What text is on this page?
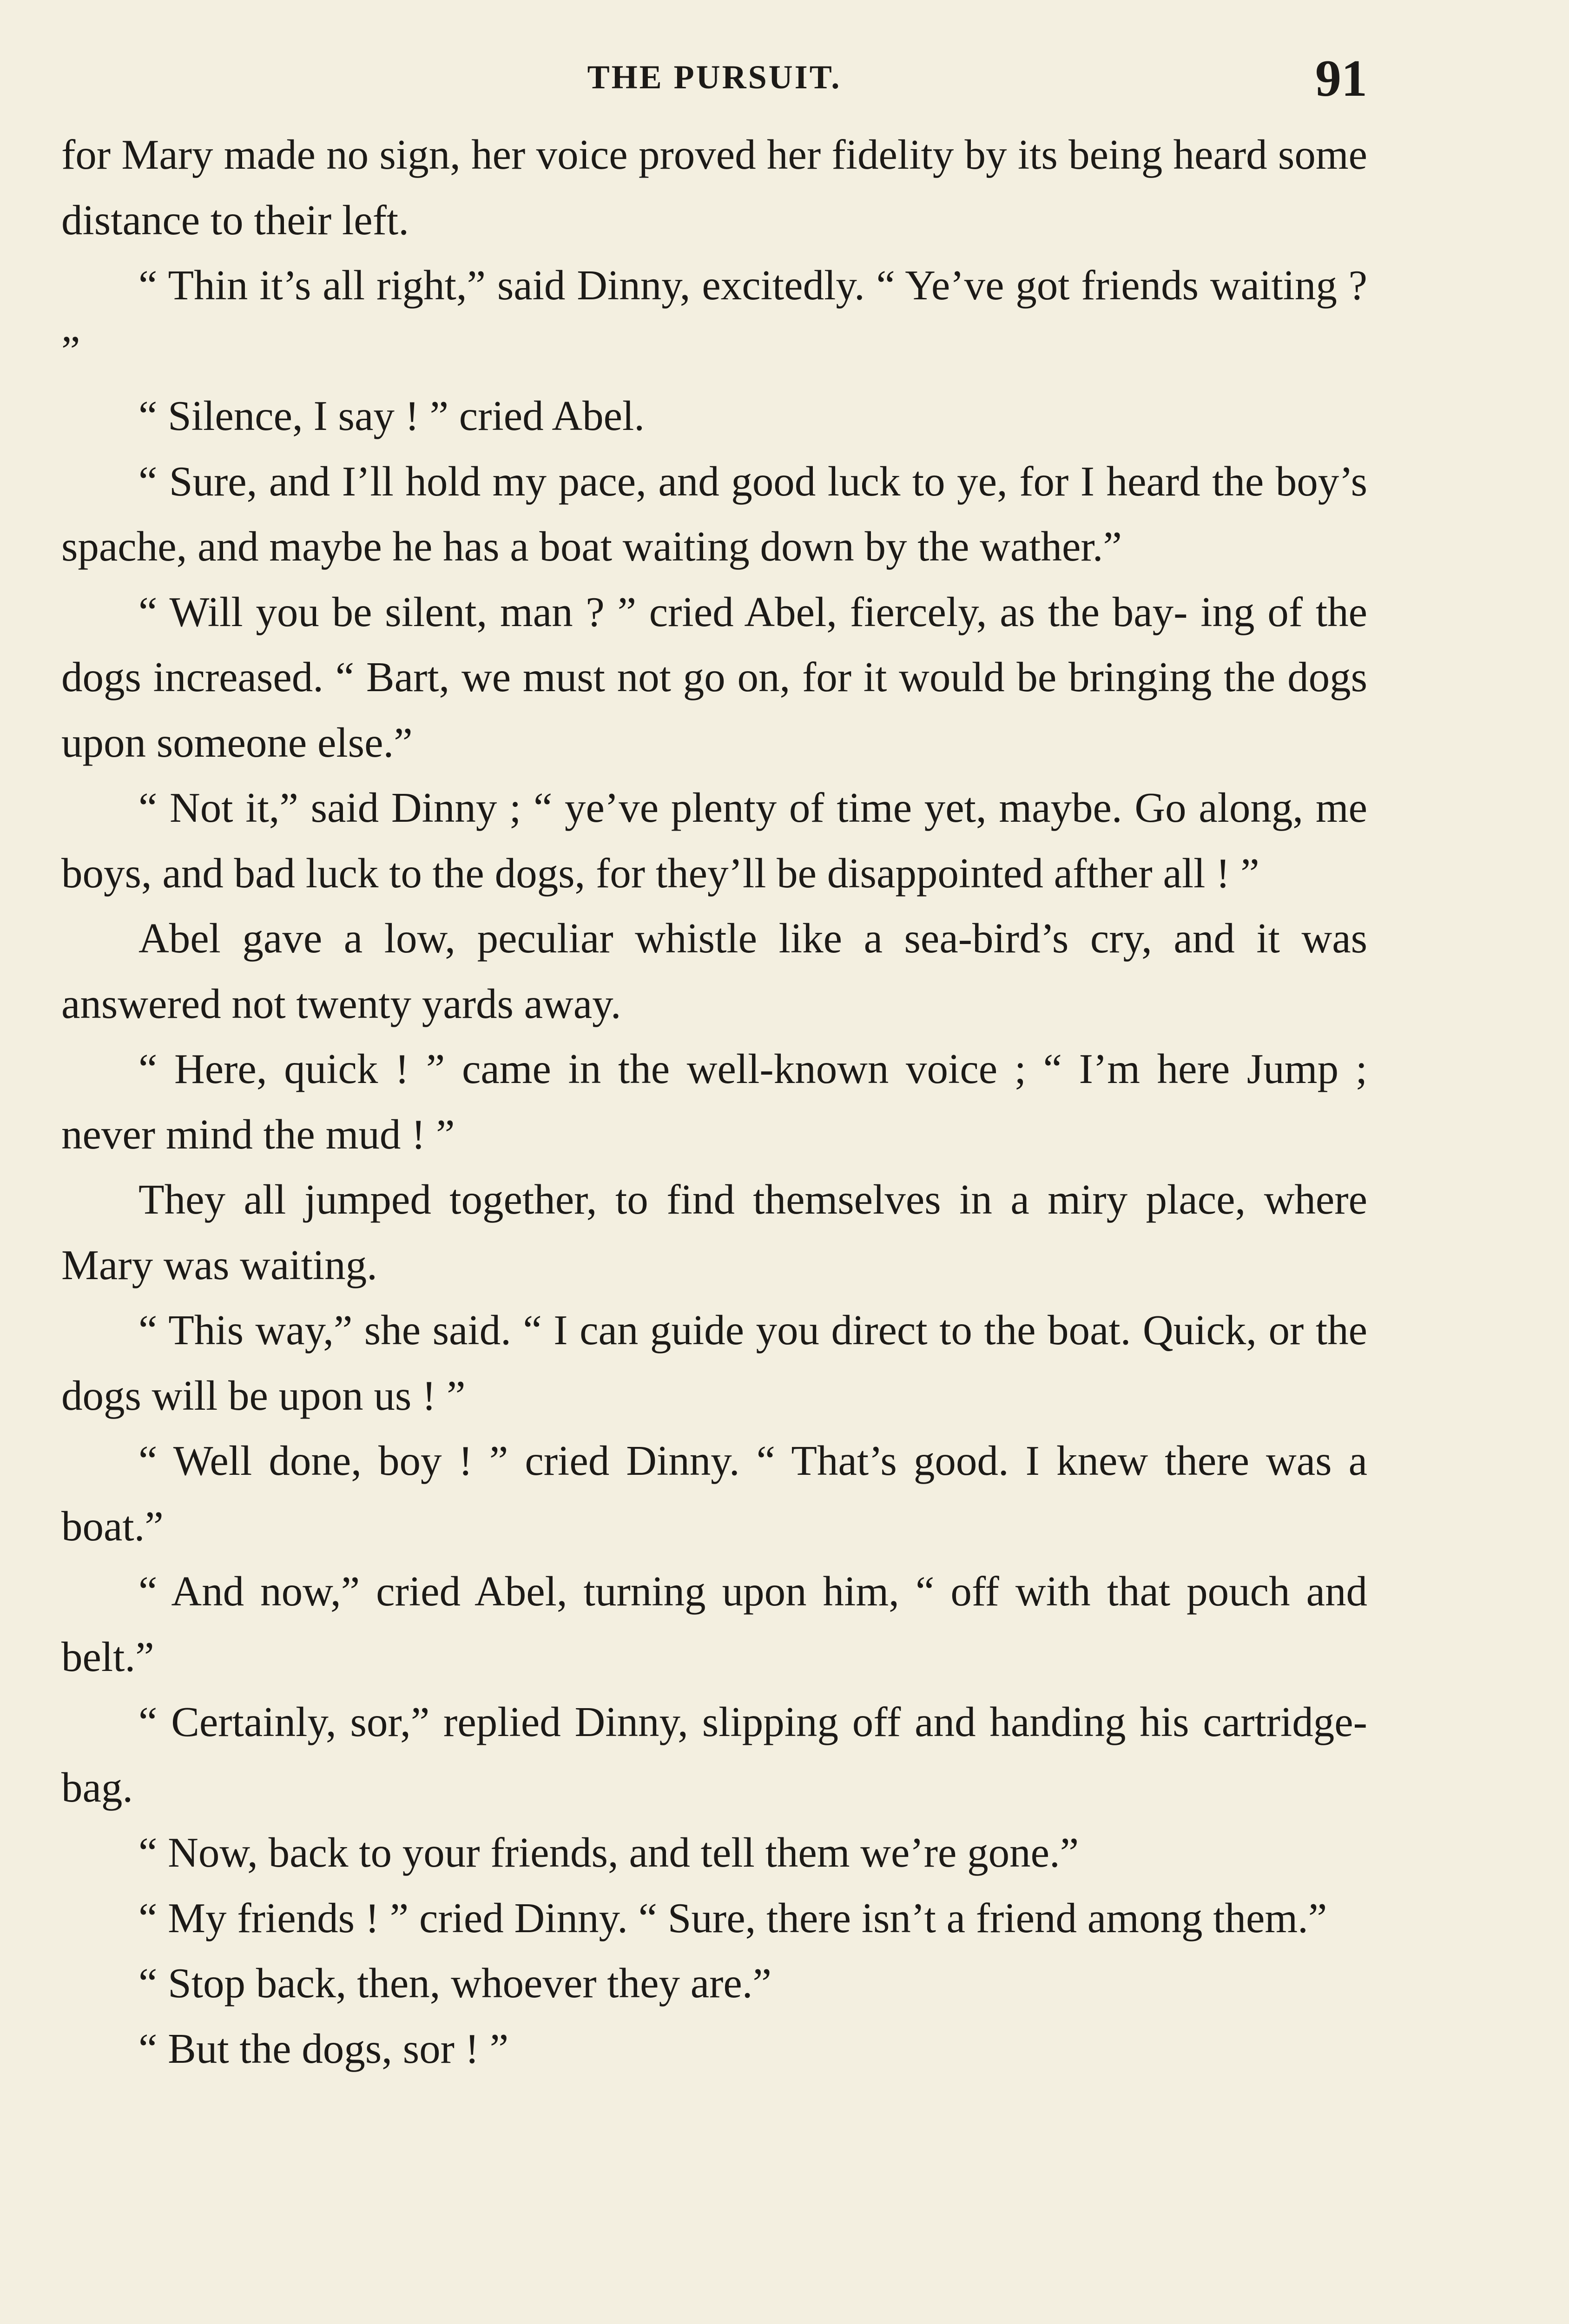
THE PURSUIT.	91

for Mary made no sign, her voice proved her fidelity by its being heard some distance to their left.

“ Thin it’s all right,” said Dinny, excitedly. “ Ye’ve got friends waiting ? ”

“ Silence, I say ! ” cried Abel.

“ Sure, and I’ll hold my pace, and good luck to ye, for I heard the boy’s spache, and maybe he has a boat waiting down by the wather.”

“ Will you be silent, man ? ” cried Abel, fiercely, as the bay- ing of the dogs increased. “ Bart, we must not go on, for it would be bringing the dogs upon someone else.”

“ Not it,” said Dinny ; “ ye’ve plenty of time yet, maybe. Go along, me boys, and bad luck to the dogs, for they’ll be disappointed afther all ! ”

Abel gave a low, peculiar whistle like a sea-bird’s cry, and it was answered not twenty yards away.

“ Here, quick ! ” came in the well-known voice ; “ I’m here Jump ; never mind the mud ! ”

They all jumped together, to find themselves in a miry place, where Mary was waiting.

“ This way,” she said. “ I can guide you direct to the boat. Quick, or the dogs will be upon us ! ”

“ Well done, boy ! ” cried Dinny. “ That’s good. I knew there was a boat.”

“ And now,” cried Abel, turning upon him, “ off with that pouch and belt.”

“ Certainly, sor,” replied Dinny, slipping off and handing his cartridge-bag.

“ Now, back to your friends, and tell them we’re gone.”

“ My friends ! ” cried Dinny. “ Sure, there isn’t a friend among them.”

“ Stop back, then, whoever they are.”

“ But the dogs, sor ! ”
